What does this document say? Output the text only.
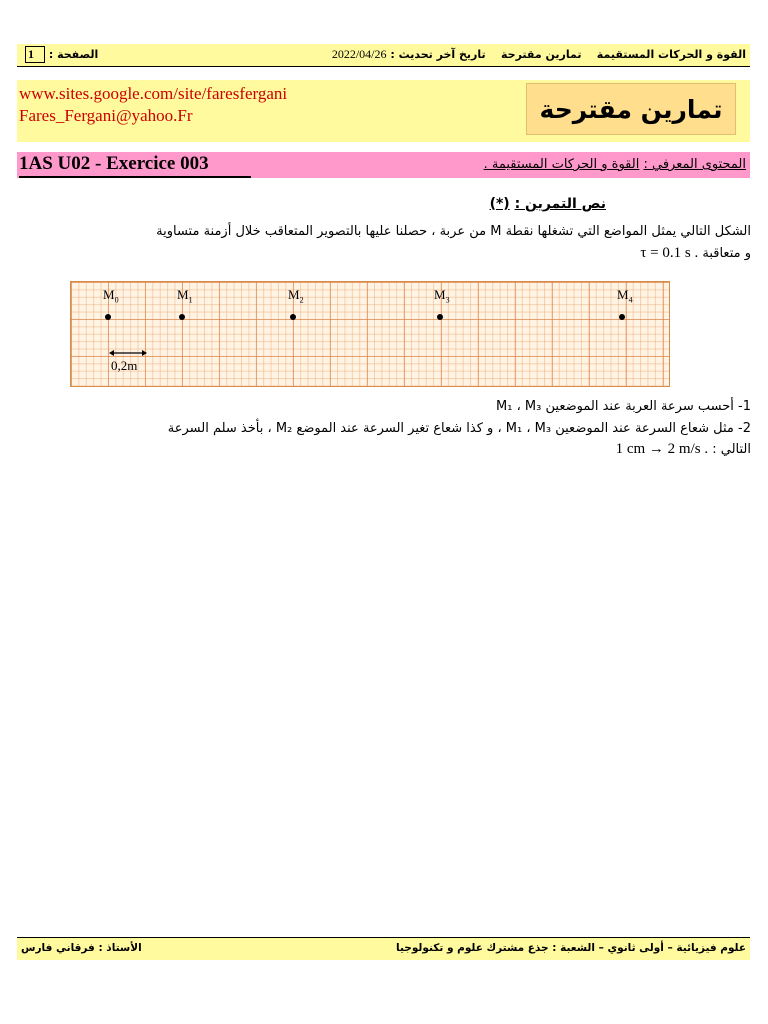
القوة و الحركات المستقيمة    تمارين مقترحة    تاريخ آخر تحديث : 2022/04/26
الصفحة : 1
www.sites.google.com/site/faresfergani
Fares_Fergani@yahoo.Fr	تمارين مقترحة
1AS U02 - Exercice 003	المحتوى المعرفي : القوة و الحركات المستقيمة .
نص التمرين : (*)
الشكل التالي يمثل المواضع التي تشغلها نقطة M من عربة ، حصلنا عليها بالتصوير المتعاقب خلال أزمنة متساوية
و متعاقبة τ = 0.1 s .
$M_0$	$M_1$	$M_2$	$M_3$	$M_4$
0,2m
1- أحسب سرعة العربة عند الموضعين M₁ ، M₃
2- مثل شعاع السرعة عند الموضعين M₁ ، M₃ ، و كذا شعاع تغير السرعة عند الموضع M₂ ، بأخذ سلم السرعة
التالي : 1 cm → 2 m/s .
علوم فيزيائية – أولى ثانوي – الشعبة : جذع مشترك علوم و تكنولوجيا
الأستاذ : فرقاني فارس
